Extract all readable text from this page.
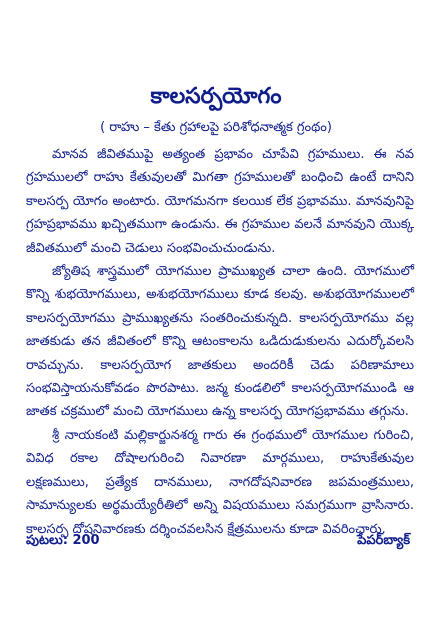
కాలసర్పయోగం
( రాహు – కేతు గ్రహాలపై పరిశోధనాత్మక గ్రంథం)

మానవ జీవితముపై అత్యంత ప్రభావం చూపేవి గ్రహములు. ఈ నవ గ్రహములలో రాహు కేతువులతో మిగతా గ్రహములతో బంధించి ఉంటే దానిని కాలసర్ప యోగం అంటారు. యోగమనగా కలయిక లేక ప్రభావము. మానవునిపై గ్రహప్రభావము ఖచ్చితముగా ఉండును. ఈ గ్రహముల వలనే మానవుని యొక్క జీవితములో మంచి చెడులు సంభవించుచుండును.

జ్యోతిష శాస్త్రములో యోగముల ప్రాముఖ్యత చాలా ఉంది. యోగములో కొన్ని శుభయోగములు, అశుభయోగములు కూడ కలవు. అశుభయోగములలో కాలసర్పయోగము ప్రాముఖ్యతను సంతరించుకున్నది. కాలసర్పయోగము వల్ల జాతకుడు తన జీవితంలో కొన్ని ఆటంకాలను ఒడిదుడుకులను ఎదుర్కోవలసి రావచ్చును. కాలసర్పయోగ జాతకులు అందరికీ చెడు పరిణామాలు సంభవిస్తాయనుకోవడం పొరపాటు. జన్మ కుండలిలో కాలసర్పయోగముండి ఆ జాతక చక్రములో మంచి యోగములు ఉన్న కాలసర్ప యోగప్రభావము తగ్గును.

శ్రీ నాయకంటి మల్లికార్జునశర్మ గారు ఈ గ్రంథములో యోగముల గురించి, వివిధ రకాల దోషాలగురించి నివారణా మార్గములు, రాహుకేతువుల లక్షణములు, ప్రత్యేక దానములు, నాగదోషనివారణ జపమంత్రములు, సామాన్యులకు అర్థమయ్యేరీతిలో అన్ని విషయములు సమగ్రముగా వ్రాసినారు. కాలసర్ప దోషనివారణకు దర్శించవలసిన క్షేత్రములను కూడా వివరించారు.

పుటలు: 200	పేపర్‌బ్యాక్
